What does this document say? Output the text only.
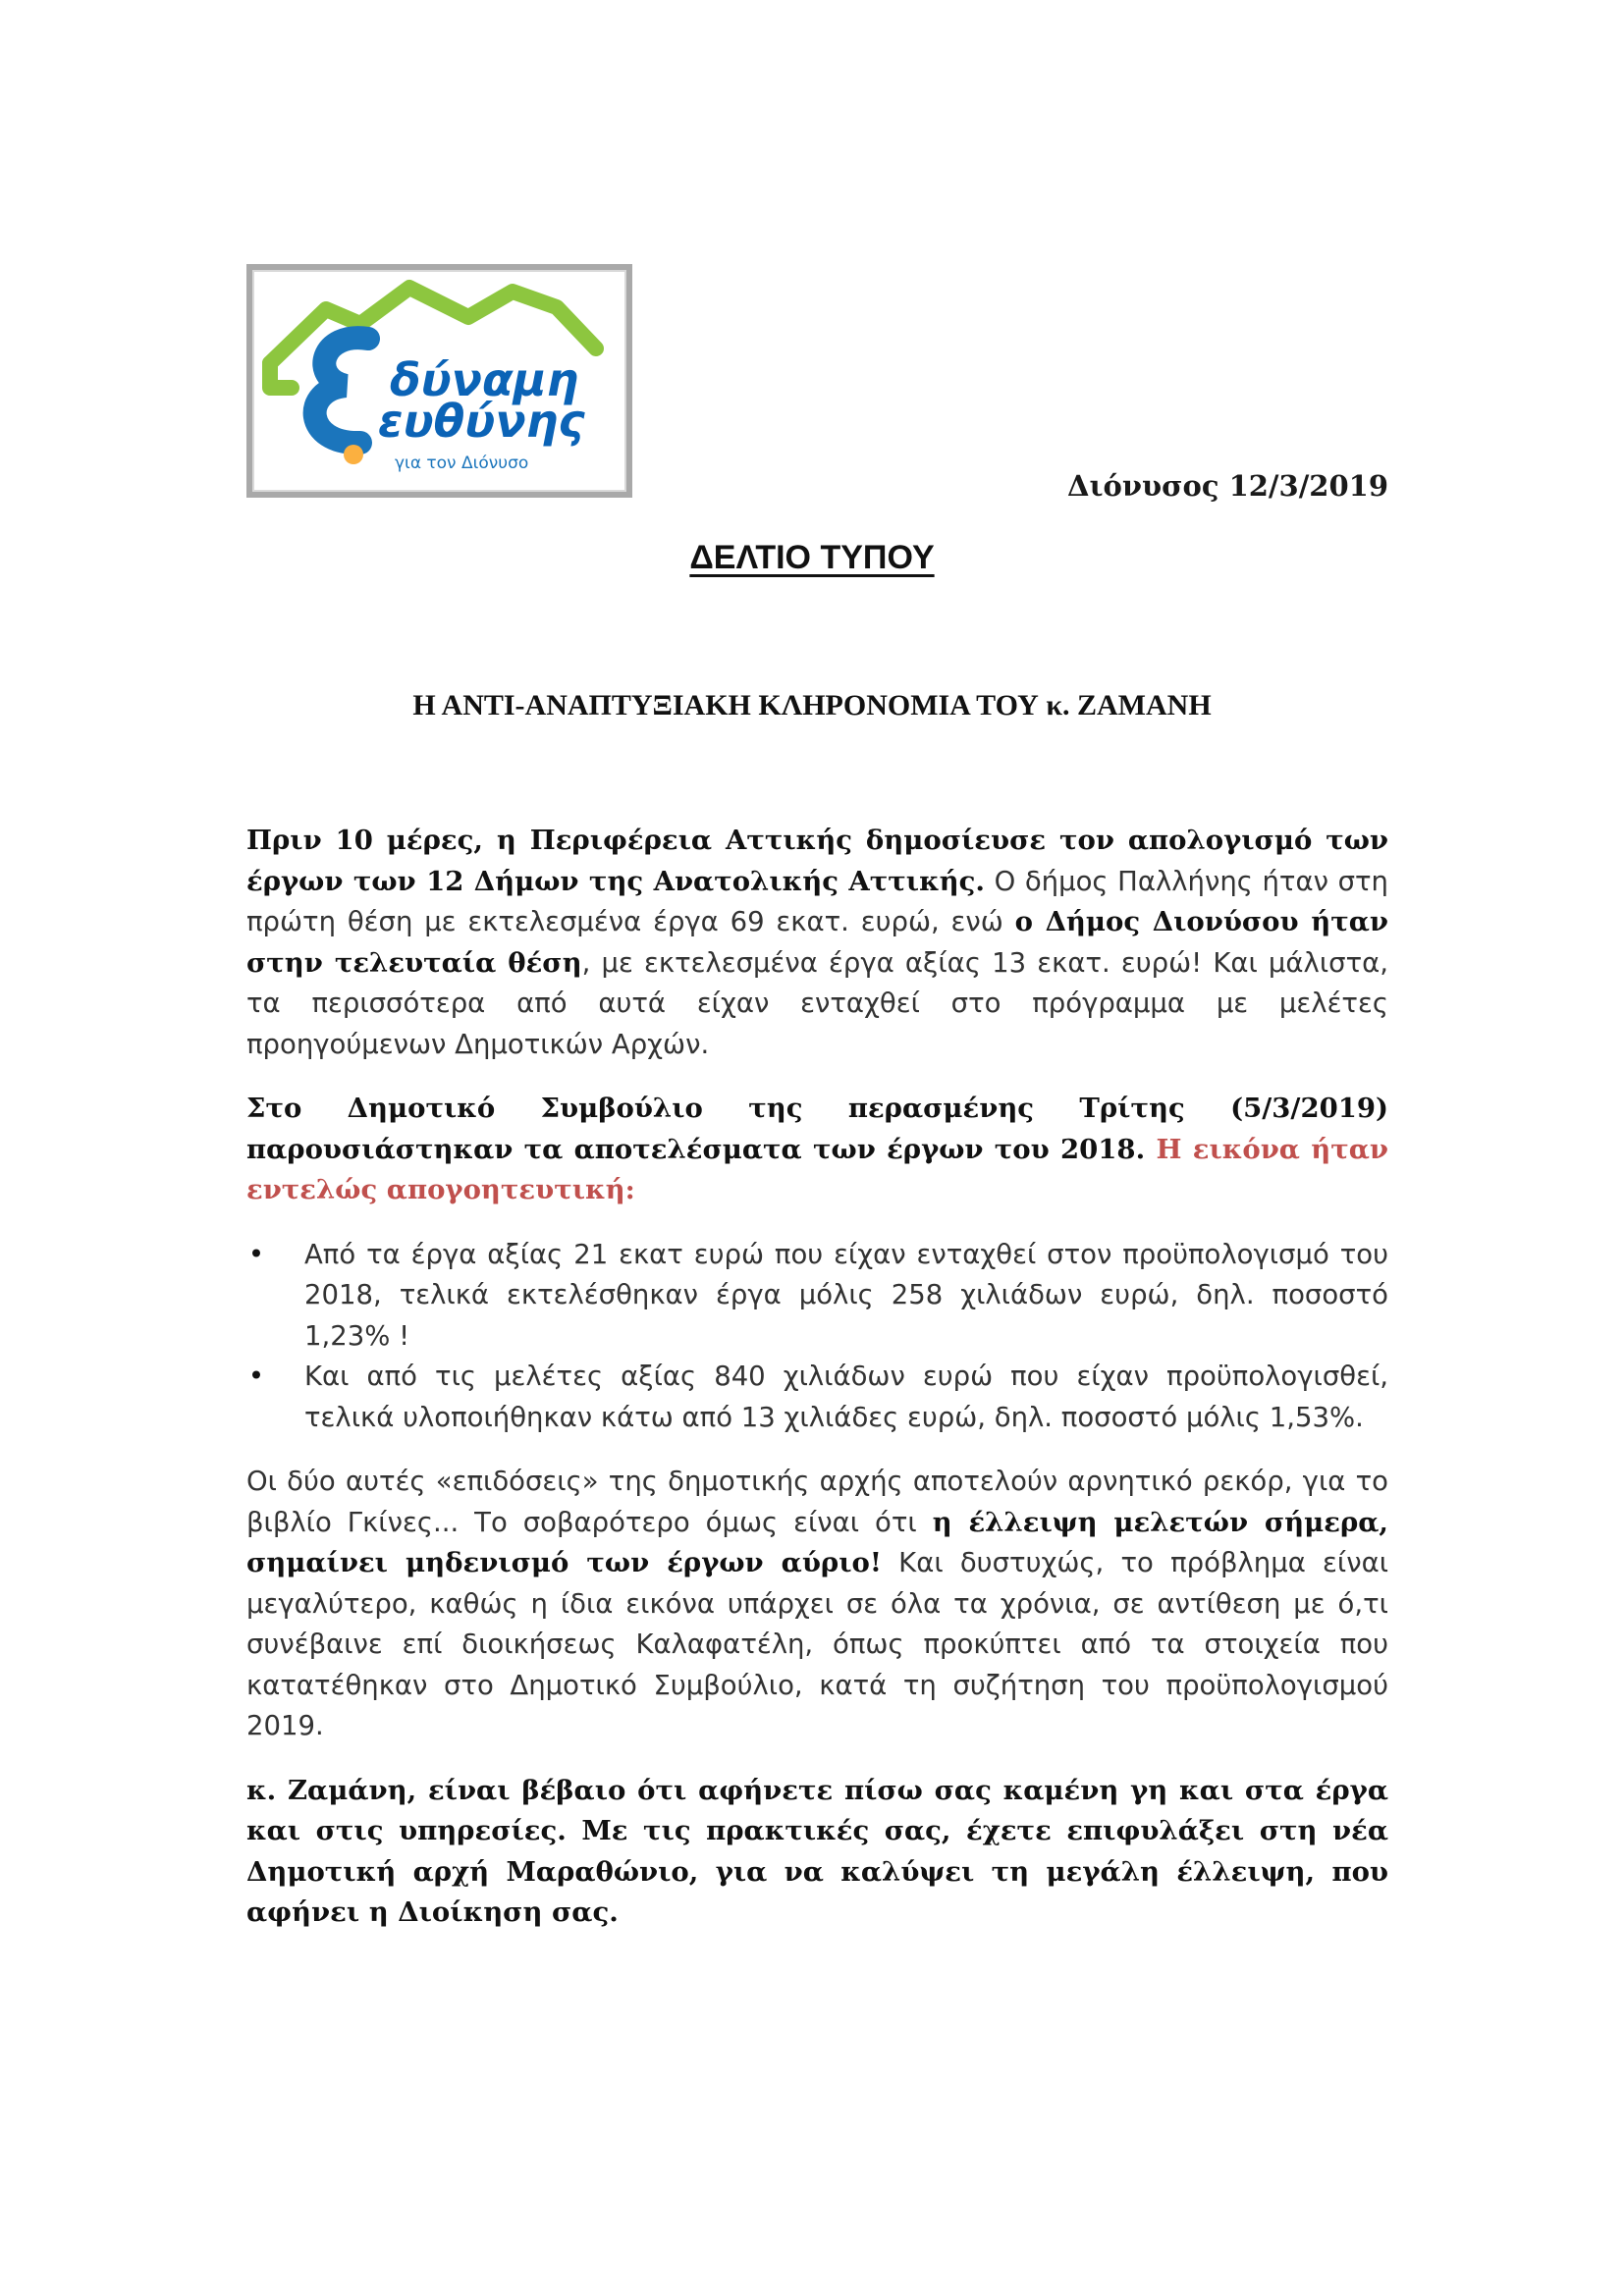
δύναμη
ευθύνης
για τον Διόνυσο
Διόνυσος 12/3/2019
ΔΕΛΤΙΟ ΤΥΠΟΥ
Η ΑΝΤΙ-ΑΝΑΠΤΥΞΙΑΚΗ ΚΛΗΡΟΝΟΜΙΑ ΤΟΥ κ. ΖΑΜΑΝΗ

Πριν 10 μέρες, η Περιφέρεια Αττικής δημοσίευσε τον απολογισμό των έργων των 12 Δήμων της Ανατολικής Αττικής. Ο δήμος Παλλήνης ήταν στη πρώτη θέση με εκτελεσμένα έργα 69 εκατ. ευρώ, ενώ ο Δήμος Διονύσου ήταν στην τελευταία θέση, με εκτελεσμένα έργα αξίας 13 εκατ. ευρώ! Και μάλιστα, τα περισσότερα από αυτά είχαν ενταχθεί στο πρόγραμμα με μελέτες προηγούμενων Δημοτικών Αρχών.

Στο Δημοτικό Συμβούλιο της περασμένης Τρίτης (5/3/2019) παρουσιάστηκαν τα αποτελέσματα των έργων του 2018. Η εικόνα ήταν εντελώς απογοητευτική:

• Από τα έργα αξίας 21 εκατ ευρώ που είχαν ενταχθεί στον προϋπολογισμό του 2018, τελικά εκτελέσθηκαν έργα μόλις 258 χιλιάδων ευρώ, δηλ. ποσοστό 1,23% !
• Και από τις μελέτες αξίας 840 χιλιάδων ευρώ που είχαν προϋπολογισθεί, τελικά υλοποιήθηκαν κάτω από 13 χιλιάδες ευρώ, δηλ. ποσοστό μόλις 1,53%.

Οι δύο αυτές «επιδόσεις» της δημοτικής αρχής αποτελούν αρνητικό ρεκόρ, για το βιβλίο Γκίνες... Το σοβαρότερο όμως είναι ότι η έλλειψη μελετών σήμερα, σημαίνει μηδενισμό των έργων αύριο! Και δυστυχώς, το πρόβλημα είναι μεγαλύτερο, καθώς η ίδια εικόνα υπάρχει σε όλα τα χρόνια, σε αντίθεση με ό,τι συνέβαινε επί διοικήσεως Καλαφατέλη, όπως προκύπτει από τα στοιχεία που κατατέθηκαν στο Δημοτικό Συμβούλιο, κατά τη συζήτηση του προϋπολογισμού 2019.

κ. Ζαμάνη, είναι βέβαιο ότι αφήνετε πίσω σας καμένη γη και στα έργα και στις υπηρεσίες. Με τις πρακτικές σας, έχετε επιφυλάξει στη νέα Δημοτική αρχή Μαραθώνιο, για να καλύψει τη μεγάλη έλλειψη, που αφήνει η Διοίκηση σας.
